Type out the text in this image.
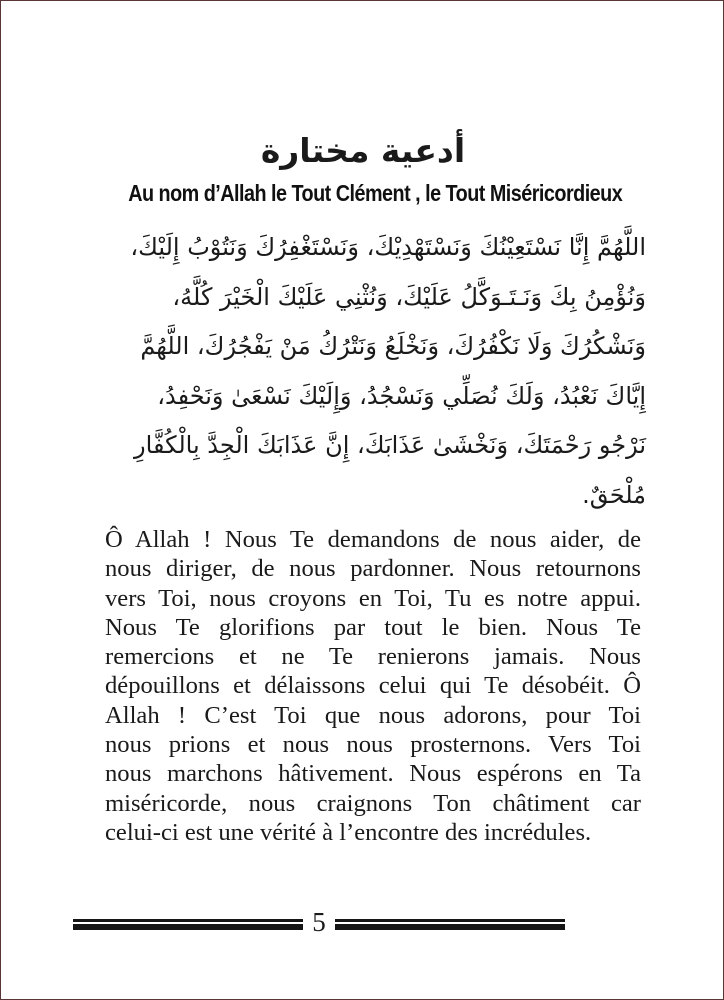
أدعية مختارة
Au nom d’Allah le Tout Clément , le Tout Miséricordieux
اللَّهُمَّ إِنَّا نَسْتَعِيْنُكَ وَنَسْتَهْدِيْكَ، وَنَسْتَغْفِرُكَ وَنَتُوْبُ إِلَيْكَ،
وَنُؤْمِنُ بِكَ وَنَـتَـوَكَّلُ عَلَيْكَ، وَنُثْنِي عَلَيْكَ الْخَيْرَ كُلَّهُ،
وَنَشْكُرُكَ وَلَا نَكْفُرُكَ، وَنَخْلَعُ وَنَتْرُكُ مَنْ يَفْجُرُكَ، اللَّهُمَّ
إِيَّاكَ نَعْبُدُ، وَلَكَ نُصَلِّي وَنَسْجُدُ، وَإِلَيْكَ نَسْعَىٰ وَنَحْفِدُ،
نَرْجُو رَحْمَتَكَ، وَنَخْشَىٰ عَذَابَكَ، إِنَّ عَذَابَكَ الْجِدَّ بِالْكُفَّارِ
مُلْحَقٌ.
Ô Allah ! Nous Te demandons de nous aider, de
nous diriger, de nous pardonner. Nous retournons
vers Toi, nous croyons en Toi, Tu es notre appui.
Nous Te glorifions par tout le bien. Nous Te
remercions et ne Te renierons jamais. Nous
dépouillons et délaissons celui qui Te désobéit. Ô
Allah ! C’est Toi que nous adorons, pour Toi
nous prions et nous nous prosternons. Vers Toi
nous marchons hâtivement. Nous espérons en Ta
miséricorde, nous craignons Ton châtiment car
celui-ci est une vérité à l’encontre des incrédules.
5
